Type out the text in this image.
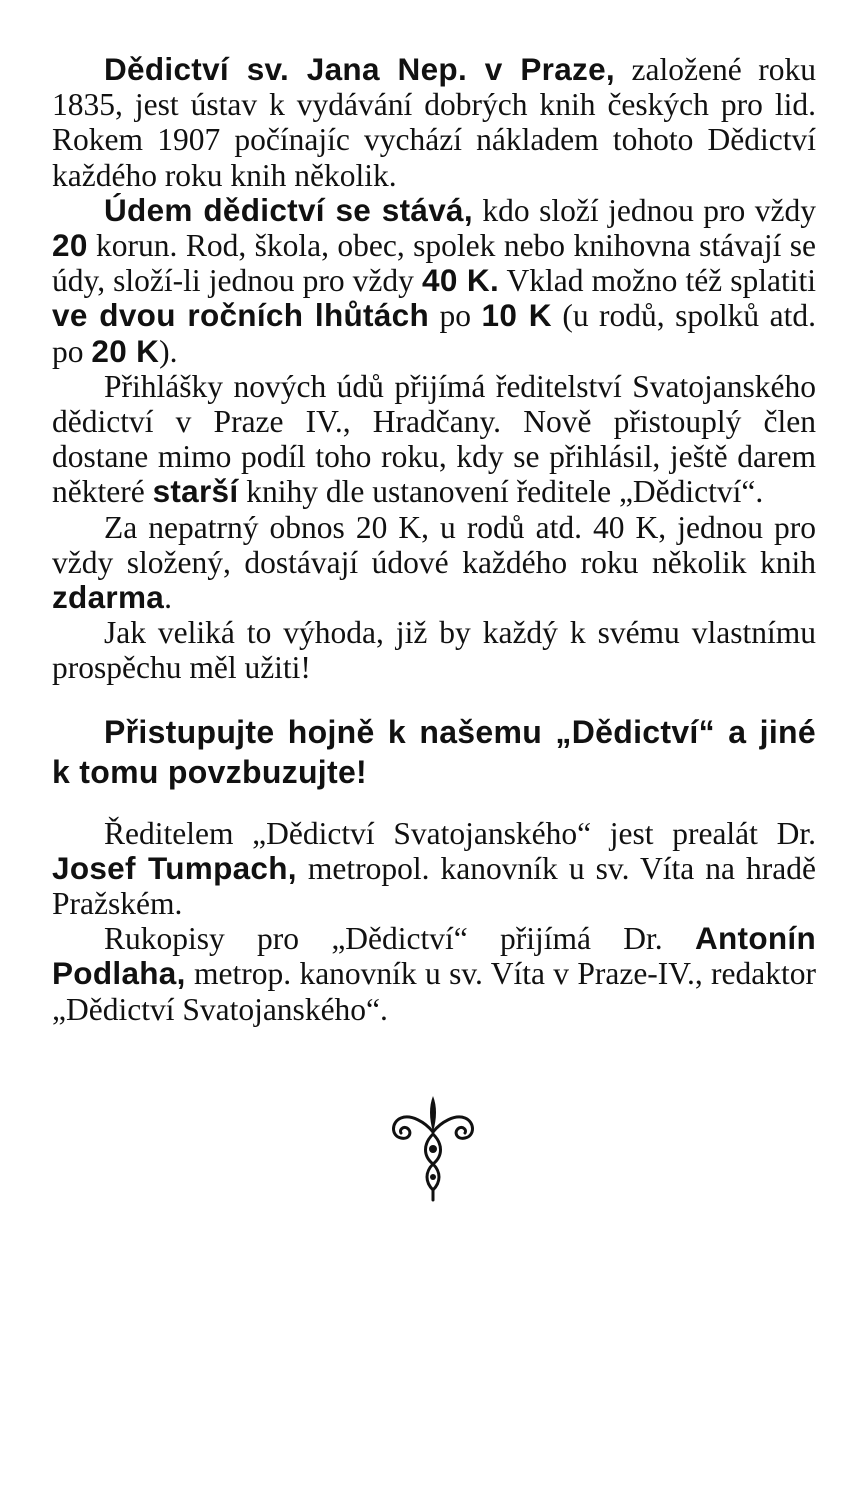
Dědictví sv. Jana Nep. v Praze, založené roku 1835, jest ústav k vydávání dobrých knih českých pro lid. Rokem 1907 počínajíc vychází nákladem tohoto Dědictví každého roku knih několik.

Údem dědictví se stává, kdo složí jednou pro vždy 20 korun. Rod, škola, obec, spolek nebo knihovna stávají se údy, složí-li jednou pro vždy 40 K. Vklad možno též splatiti ve dvou ročních lhůtách po 10 K (u rodů, spolků atd. po 20 K).

Přihlášky nových údů přijímá ředitelství Svatojanského dědictví v Praze IV., Hradčany. Nově přistouplý člen dostane mimo podíl toho roku, kdy se přihlásil, ještě darem některé starší knihy dle ustanovení ředitele „Dědictví“.

Za nepatrný obnos 20 K, u rodů atd. 40 K, jednou pro vždy složený, dostávají údové každého roku několik knih zdarma.

Jak veliká to výhoda, již by každý k svému vlastnímu prospěchu měl užiti!

Přistupujte hojně k našemu „Dědictví“ a jiné k tomu povzbuzujte!

Ředitelem „Dědictví Svatojanského“ jest prealát Dr. Josef Tumpach, metropol. kanovník u sv. Víta na hradě Pražském.

Rukopisy pro „Dědictví“ přijímá Dr. Antonín Podlaha, metrop. kanovník u sv. Víta v Praze-IV., redaktor „Dědictví Svatojanského“.
